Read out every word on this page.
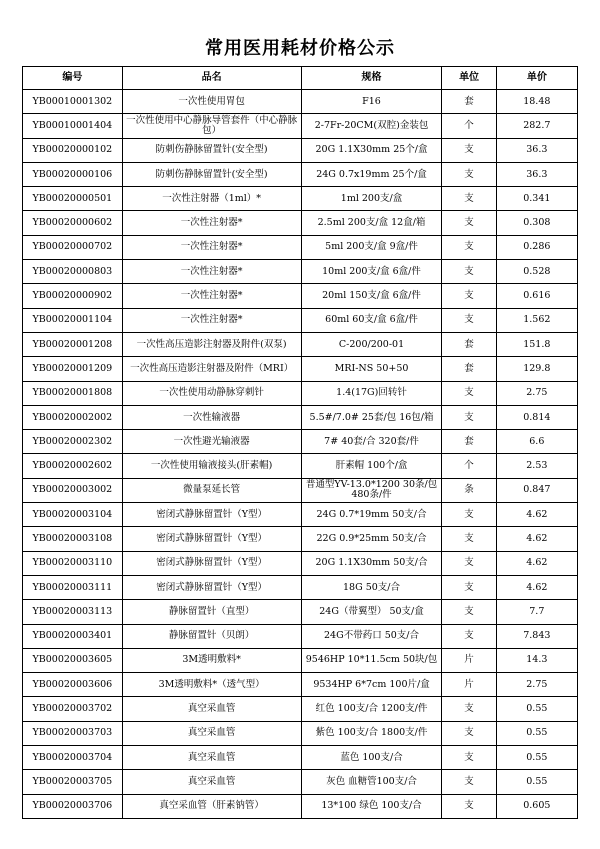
常用医用耗材价格公示
编号	品名	规格	单位	单价
YB00010001302	一次性使用胃包	F16	套	18.48
YB00010001404	一次性使用中心静脉导管套件（中心静脉包）	2-7Fr-20CM(双腔)金装包	个	282.7
YB00020000102	防刺伤静脉留置针(安全型)	20G 1.1X30mm 25个/盒	支	36.3
YB00020000106	防刺伤静脉留置针(安全型)	24G 0.7x19mm 25个/盒	支	36.3
YB00020000501	一次性注射器（1ml）*	1ml 200支/盒	支	0.341
YB00020000602	一次性注射器*	2.5ml 200支/盒 12盒/箱	支	0.308
YB00020000702	一次性注射器*	5ml 200支/盒 9盒/件	支	0.286
YB00020000803	一次性注射器*	10ml 200支/盒 6盒/件	支	0.528
YB00020000902	一次性注射器*	20ml 150支/盒 6盒/件	支	0.616
YB00020001104	一次性注射器*	60ml 60支/盒 6盒/件	支	1.562
YB00020001208	一次性高压造影注射器及附件(双泵)	C-200/200-01	套	151.8
YB00020001209	一次性高压造影注射器及附件（MRI）	MRI-NS 50+50	套	129.8
YB00020001808	一次性使用动静脉穿刺针	1.4(17G)回转针	支	2.75
YB00020002002	一次性输液器	5.5#/7.0# 25套/包 16包/箱	支	0.814
YB00020002302	一次性避光输液器	7# 40套/合 320套/件	套	6.6
YB00020002602	一次性使用输液接头(肝素帽)	肝素帽 100个/盒	个	2.53
YB00020003002	微量泵延长管	普通型YV-13.0*1200 30条/包 480条/件	条	0.847
YB00020003104	密闭式静脉留置针（Y型）	24G 0.7*19mm 50支/合	支	4.62
YB00020003108	密闭式静脉留置针（Y型）	22G 0.9*25mm 50支/合	支	4.62
YB00020003110	密闭式静脉留置针（Y型）	20G 1.1X30mm 50支/合	支	4.62
YB00020003111	密闭式静脉留置针（Y型）	18G 50支/合	支	4.62
YB00020003113	静脉留置针（直型）	24G（带翼型） 50支/盒	支	7.7
YB00020003401	静脉留置针（贝朗）	24G不带药口 50支/合	支	7.843
YB00020003605	3M透明敷料*	9546HP 10*11.5cm 50块/包	片	14.3
YB00020003606	3M透明敷料*（透气型）	9534HP 6*7cm 100片/盒	片	2.75
YB00020003702	真空采血管	红色 100支/合 1200支/件	支	0.55
YB00020003703	真空采血管	紫色 100支/合 1800支/件	支	0.55
YB00020003704	真空采血管	蓝色 100支/合	支	0.55
YB00020003705	真空采血管	灰色 血糖管100支/合	支	0.55
YB00020003706	真空采血管（肝素钠管）	13*100 绿色 100支/合	支	0.605
